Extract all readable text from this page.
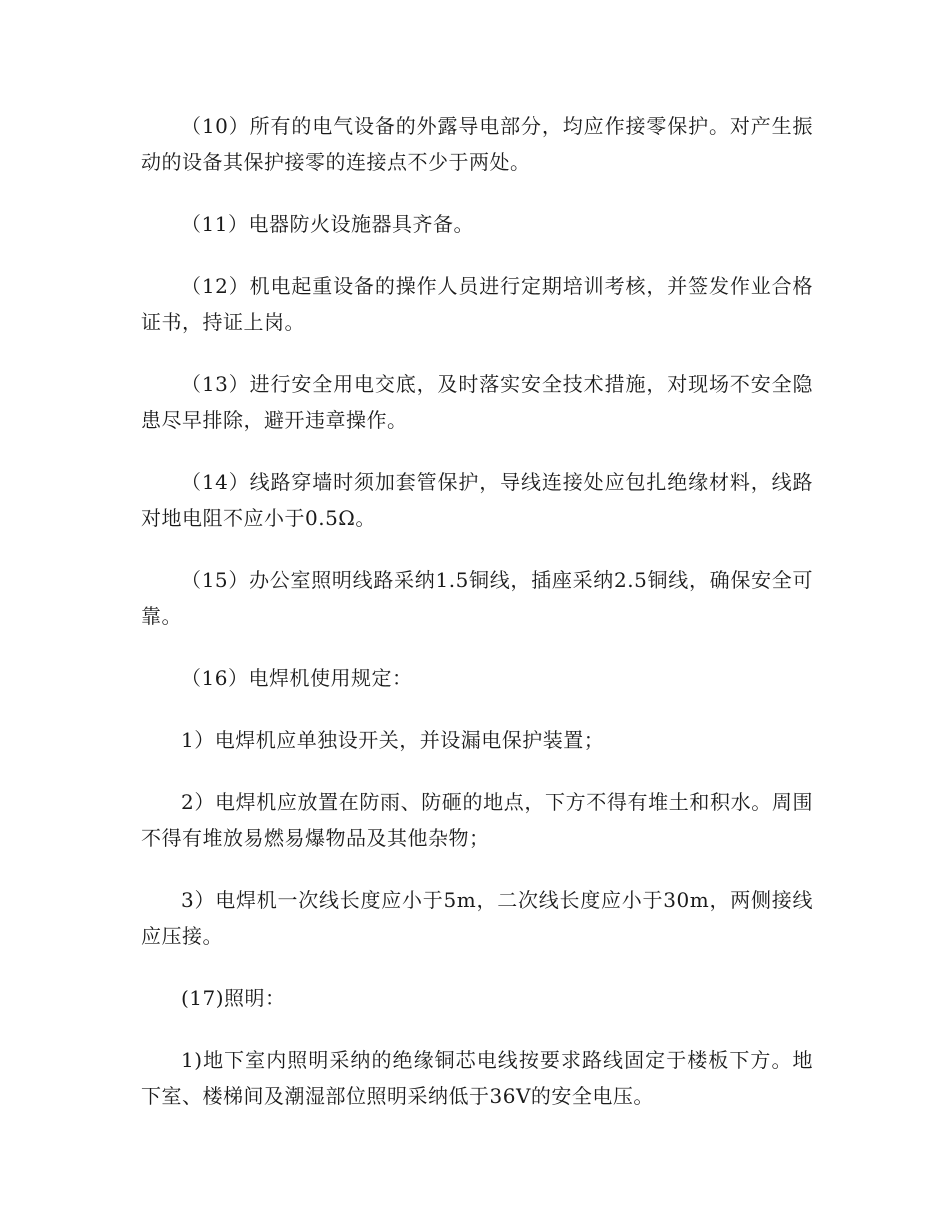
（10）所有的电气设备的外露导电部分，均应作接零保护。对产生振动的设备其保护接零的连接点不少于两处。

（11）电器防火设施器具齐备。

（12）机电起重设备的操作人员进行定期培训考核，并签发作业合格证书，持证上岗。

（13）进行安全用电交底，及时落实安全技术措施，对现场不安全隐患尽早排除，避开违章操作。

（14）线路穿墙时须加套管保护，导线连接处应包扎绝缘材料，线路对地电阻不应小于0.5Ω。

（15）办公室照明线路采纳1.5铜线，插座采纳2.5铜线，确保安全可靠。

（16）电焊机使用规定：

1）电焊机应单独设开关，并设漏电保护装置；

2）电焊机应放置在防雨、防砸的地点，下方不得有堆土和积水。周围不得有堆放易燃易爆物品及其他杂物；

3）电焊机一次线长度应小于5m，二次线长度应小于30m，两侧接线应压接。

(17)照明：

1)地下室内照明采纳的绝缘铜芯电线按要求路线固定于楼板下方。地下室、楼梯间及潮湿部位照明采纳低于36V的安全电压。
